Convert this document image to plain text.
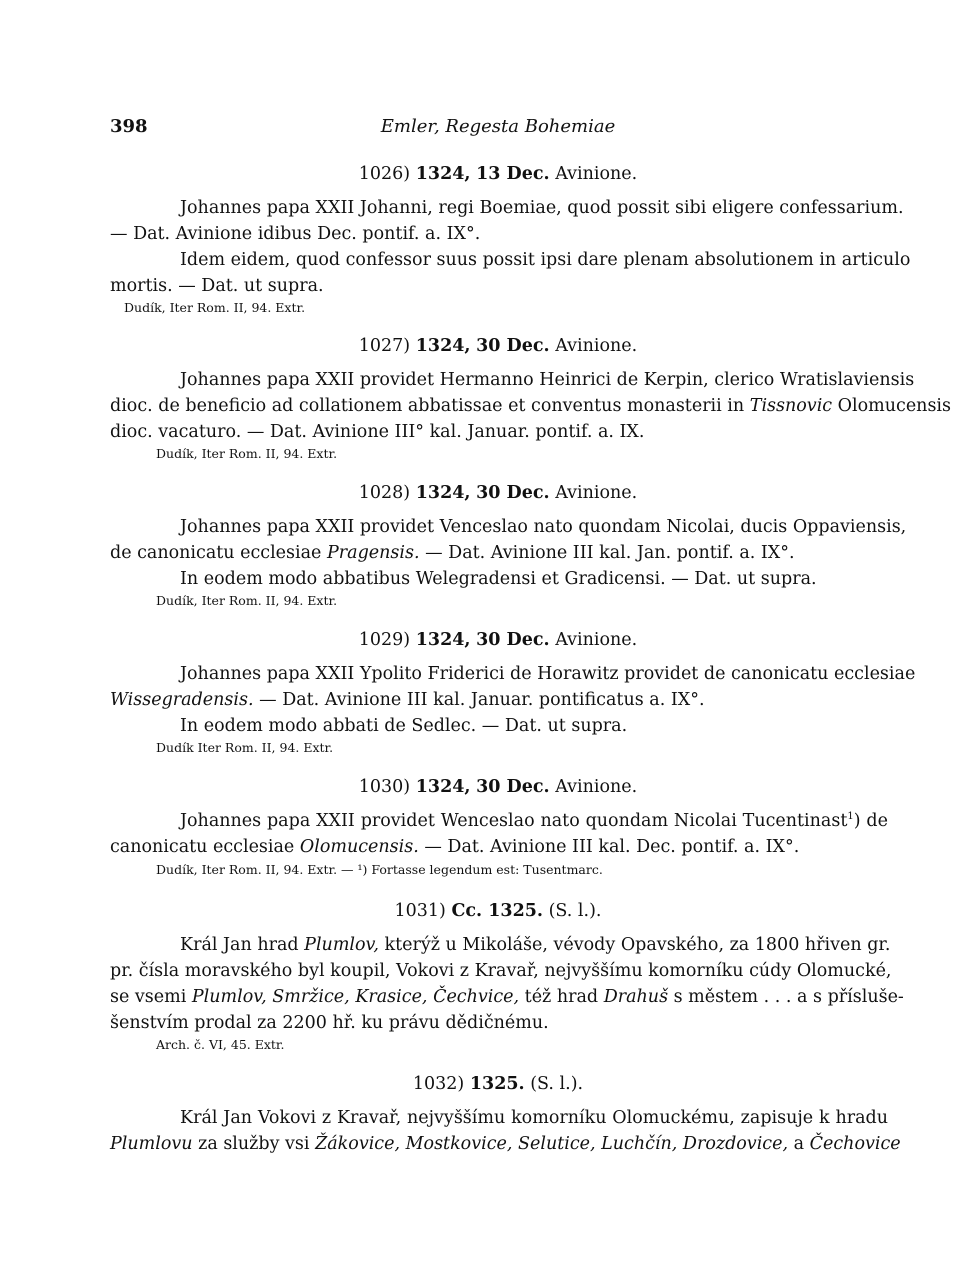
398	Emler, Regesta Bohemiae
1026) 1324, 13 Dec. Avinione.
Johannes papa XXII Johanni, regi Boemiae, quod possit sibi eligere confessarium.
— Dat. Avinione idibus Dec. pontif. a. IX°.
Idem eidem, quod confessor suus possit ipsi dare plenam absolutionem in articulo
mortis. — Dat. ut supra.
Dudík, Iter Rom. II, 94. Extr.
1027) 1324, 30 Dec. Avinione.
Johannes papa XXII providet Hermanno Heinrici de Kerpin, clerico Wratislaviensis
dioc. de beneficio ad collationem abbatissae et conventus monasterii in Tissnovic Olomucensis
dioc. vacaturo. — Dat. Avinione III° kal. Januar. pontif. a. IX.
Dudík, Iter Rom. II, 94. Extr.
1028) 1324, 30 Dec. Avinione.
Johannes papa XXII providet Venceslao nato quondam Nicolai, ducis Oppaviensis,
de canonicatu ecclesiae Pragensis. — Dat. Avinione III kal. Jan. pontif. a. IX°.
In eodem modo abbatibus Welegradensi et Gradicensi. — Dat. ut supra.
Dudík, Iter Rom. II, 94. Extr.
1029) 1324, 30 Dec. Avinione.
Johannes papa XXII Ypolito Friderici de Horawitz providet de canonicatu ecclesiae
Wissegradensis. — Dat. Avinione III kal. Januar. pontificatus a. IX°.
In eodem modo abbati de Sedlec. — Dat. ut supra.
Dudík Iter Rom. II, 94. Extr.
1030) 1324, 30 Dec. Avinione.
Johannes papa XXII providet Wenceslao nato quondam Nicolai Tucentinast$^1$) de
canonicatu ecclesiae Olomucensis. — Dat. Avinione III kal. Dec. pontif. a. IX°.
Dudík, Iter Rom. II, 94. Extr. — ¹) Fortasse legendum est: Tusentmarc.
1031) Cc. 1325. (S. l.).
Král Jan hrad Plumlov, kterýž u Mikoláše, vévody Opavského, za 1800 hřiven gr.
pr. čísla moravského byl koupil, Vokovi z Kravař, nejvyššímu komorníku cúdy Olomucké,
se vsemi Plumlov, Smržice, Krasice, Čechvice, též hrad Drahuš s městem . . . a s přísluše-
šenstvím prodal za 2200 hř. ku právu dědičnému.
Arch. č. VI, 45. Extr.
1032) 1325. (S. l.).
Král Jan Vokovi z Kravař, nejvyššímu komorníku Olomuckému, zapisuje k hradu
Plumlovu za služby vsi Žákovice, Mostkovice, Selutice, Luchčín, Drozdovice, a Čechovice
